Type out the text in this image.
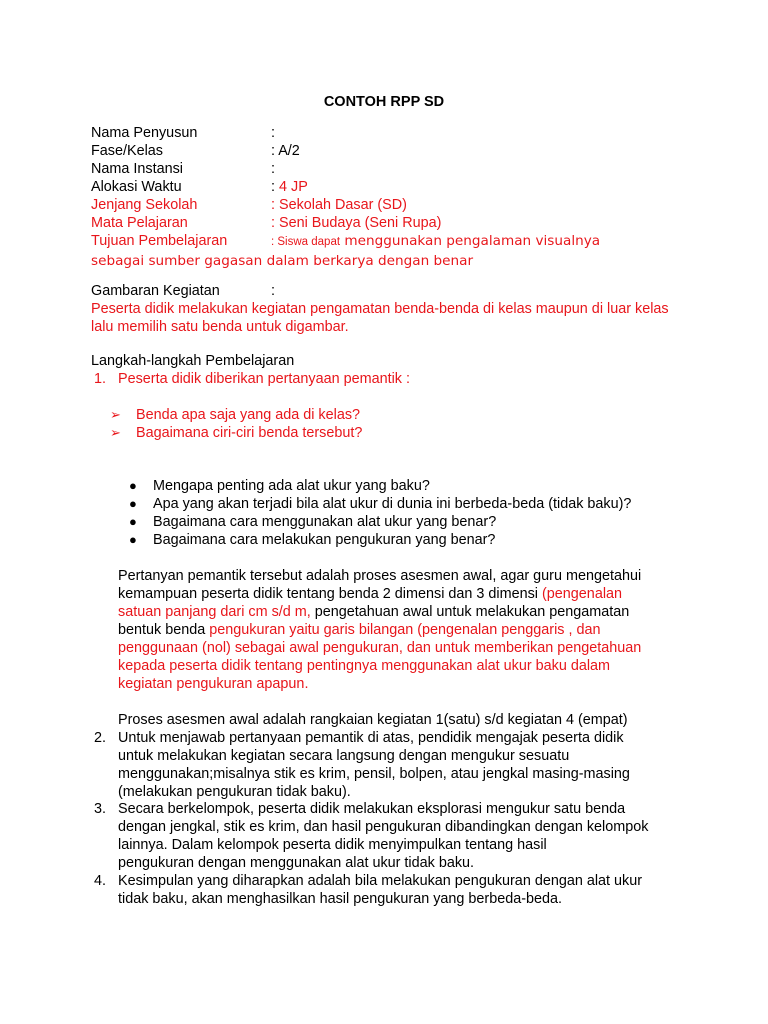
CONTOH RPP SD
Nama Penyusun	:
Fase/Kelas	: A/2
Nama Instansi	:
Alokasi Waktu	: 4 JP
Jenjang Sekolah	: Sekolah Dasar (SD)
Mata Pelajaran	: Seni Budaya (Seni Rupa)
Tujuan Pembelajaran	: Siswa dapat menggunakan pengalaman visualnya
sebagai sumber gagasan dalam berkarya dengan benar
Gambaran Kegiatan	:
Peserta didik melakukan kegiatan pengamatan benda-benda di kelas maupun di luar kelas lalu memilih satu benda untuk digambar.
Langkah-langkah Pembelajaran
1. Peserta didik diberikan pertanyaan pemantik :
➢ Benda apa saja yang ada di kelas?
➢ Bagaimana ciri-ciri benda tersebut?
● Mengapa penting ada alat ukur yang baku?
● Apa yang akan terjadi bila alat ukur di dunia ini berbeda-beda (tidak baku)?
● Bagaimana cara menggunakan alat ukur yang benar?
● Bagaimana cara melakukan pengukuran yang benar?
Pertanyan pemantik tersebut adalah proses asesmen awal, agar guru mengetahui
kemampuan peserta didik tentang benda 2 dimensi dan 3 dimensi (pengenalan
satuan panjang dari cm s/d m, pengetahuan awal untuk melakukan pengamatan
bentuk benda pengukuran yaitu garis bilangan (pengenalan penggaris , dan
penggunaan (nol) sebagai awal pengukuran, dan untuk memberikan pengetahuan
kepada peserta didik tentang pentingnya menggunakan alat ukur baku dalam
kegiatan pengukuran apapun.
Proses asesmen awal adalah rangkaian kegiatan 1(satu) s/d kegiatan 4 (empat)
2. Untuk menjawab pertanyaan pemantik di atas, pendidik mengajak peserta didik
untuk melakukan kegiatan secara langsung dengan mengukur sesuatu
menggunakan;misalnya stik es krim, pensil, bolpen, atau jengkal masing-masing
(melakukan pengukuran tidak baku).
3. Secara berkelompok, peserta didik melakukan eksplorasi mengukur satu benda
dengan jengkal, stik es krim, dan hasil pengukuran dibandingkan dengan kelompok
lainnya. Dalam kelompok peserta didik menyimpulkan tentang hasil
pengukuran dengan menggunakan alat ukur tidak baku.
4. Kesimpulan yang diharapkan adalah bila melakukan pengukuran dengan alat ukur
tidak baku, akan menghasilkan hasil pengukuran yang berbeda-beda.
